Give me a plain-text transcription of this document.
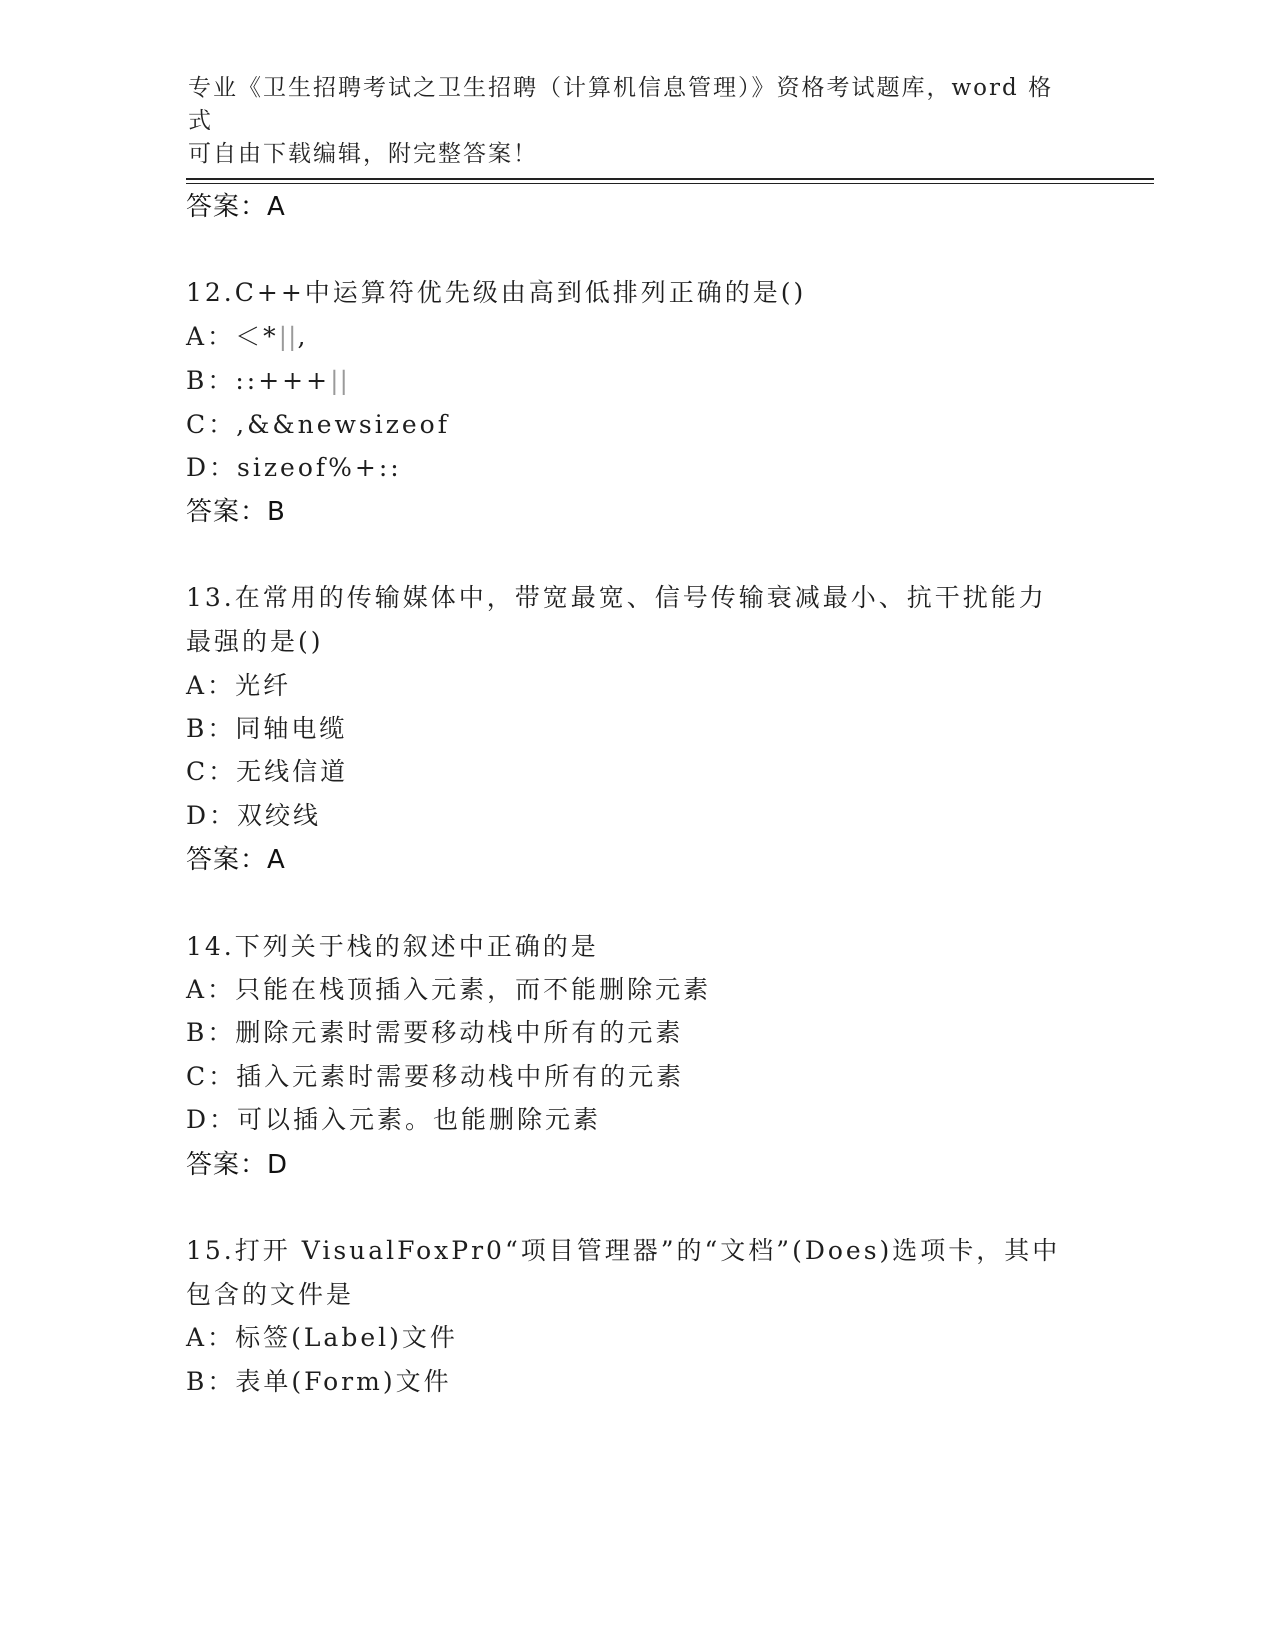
专业《卫生招聘考试之卫生招聘（计算机信息管理）》资格考试题库，word 格式
可自由下载编辑，附完整答案！
答案：A
12.C++中运算符优先级由高到低排列正确的是()
A：＜*||,
B：::+++||
C：,&&newsizeof
D：sizeof%+::
答案：B
13.在常用的传输媒体中，带宽最宽、信号传输衰减最小、抗干扰能力
最强的是()
A：光纤
B：同轴电缆
C：无线信道
D：双绞线
答案：A
14.下列关于栈的叙述中正确的是
A：只能在栈顶插入元素，而不能删除元素
B：删除元素时需要移动栈中所有的元素
C：插入元素时需要移动栈中所有的元素
D：可以插入元素。也能删除元素
答案：D
15.打开 VisualFoxPr0“项目管理器”的“文档”(Does)选项卡，其中
包含的文件是
A：标签(Label)文件
B：表单(Form)文件
